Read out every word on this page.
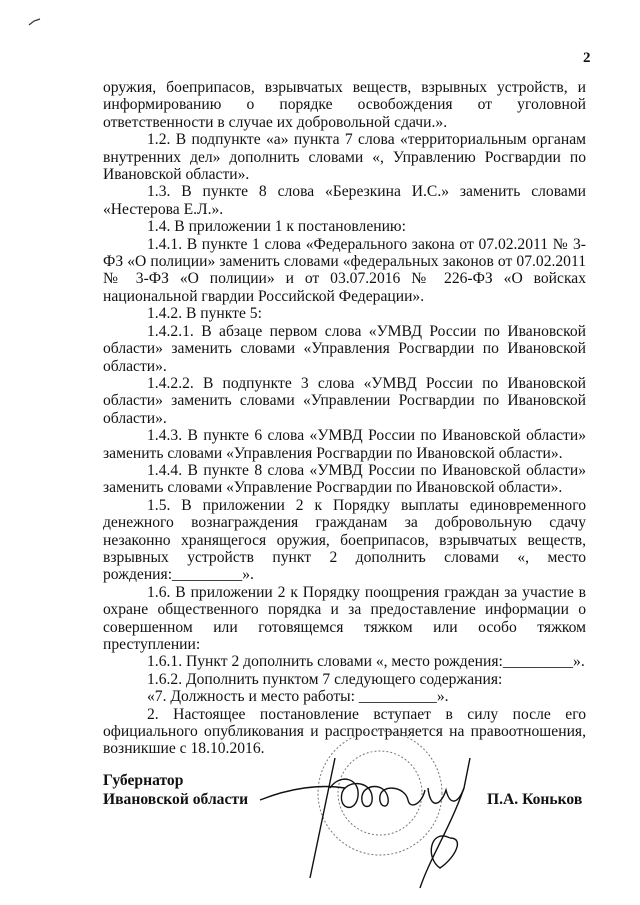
2

оружия, боеприпасов, взрывчатых веществ, взрывных устройств, и информированию о порядке освобождения от уголовной ответственности в случае их добровольной сдачи.».

1.2. В подпункте «а» пункта 7 слова «территориальным органам внутренних дел» дополнить словами «, Управлению Росгвардии по Ивановской области».

1.3. В пункте 8 слова «Березкина И.С.» заменить словами «Нестерова Е.Л.».

1.4. В приложении 1 к постановлению:

1.4.1. В пункте 1 слова «Федерального закона от 07.02.2011 № 3-ФЗ «О полиции» заменить словами «федеральных законов от 07.02.2011 № 3-ФЗ «О полиции» и от 03.07.2016 № 226-ФЗ «О войсках национальной гвардии Российской Федерации».

1.4.2. В пункте 5:

1.4.2.1. В абзаце первом слова «УМВД России по Ивановской области» заменить словами «Управления Росгвардии по Ивановской области».

1.4.2.2. В подпункте 3 слова «УМВД России по Ивановской области» заменить словами «Управлении Росгвардии по Ивановской области».

1.4.3. В пункте 6 слова «УМВД России по Ивановской области» заменить словами «Управления Росгвардии по Ивановской области».

1.4.4. В пункте 8 слова «УМВД России по Ивановской области» заменить словами «Управление Росгвардии по Ивановской области».

1.5. В приложении 2 к Порядку выплаты единовременного денежного вознаграждения гражданам за добровольную сдачу незаконно хранящегося оружия, боеприпасов, взрывчатых веществ, взрывных устройств пункт 2 дополнить словами «, место рождения:_________».

1.6. В приложении 2 к Порядку поощрения граждан за участие в охране общественного порядка и за предоставление информации о совершенном или готовящемся тяжком или особо тяжком преступлении:

1.6.1. Пункт 2 дополнить словами «, место рождения:_________».

1.6.2. Дополнить пунктом 7 следующего содержания:

«7. Должность и место работы: __________».

2. Настоящее постановление вступает в силу после его официального опубликования и распространяется на правоотношения, возникшие с 18.10.2016.

Губернатор
Ивановской области	П.А. Коньков
